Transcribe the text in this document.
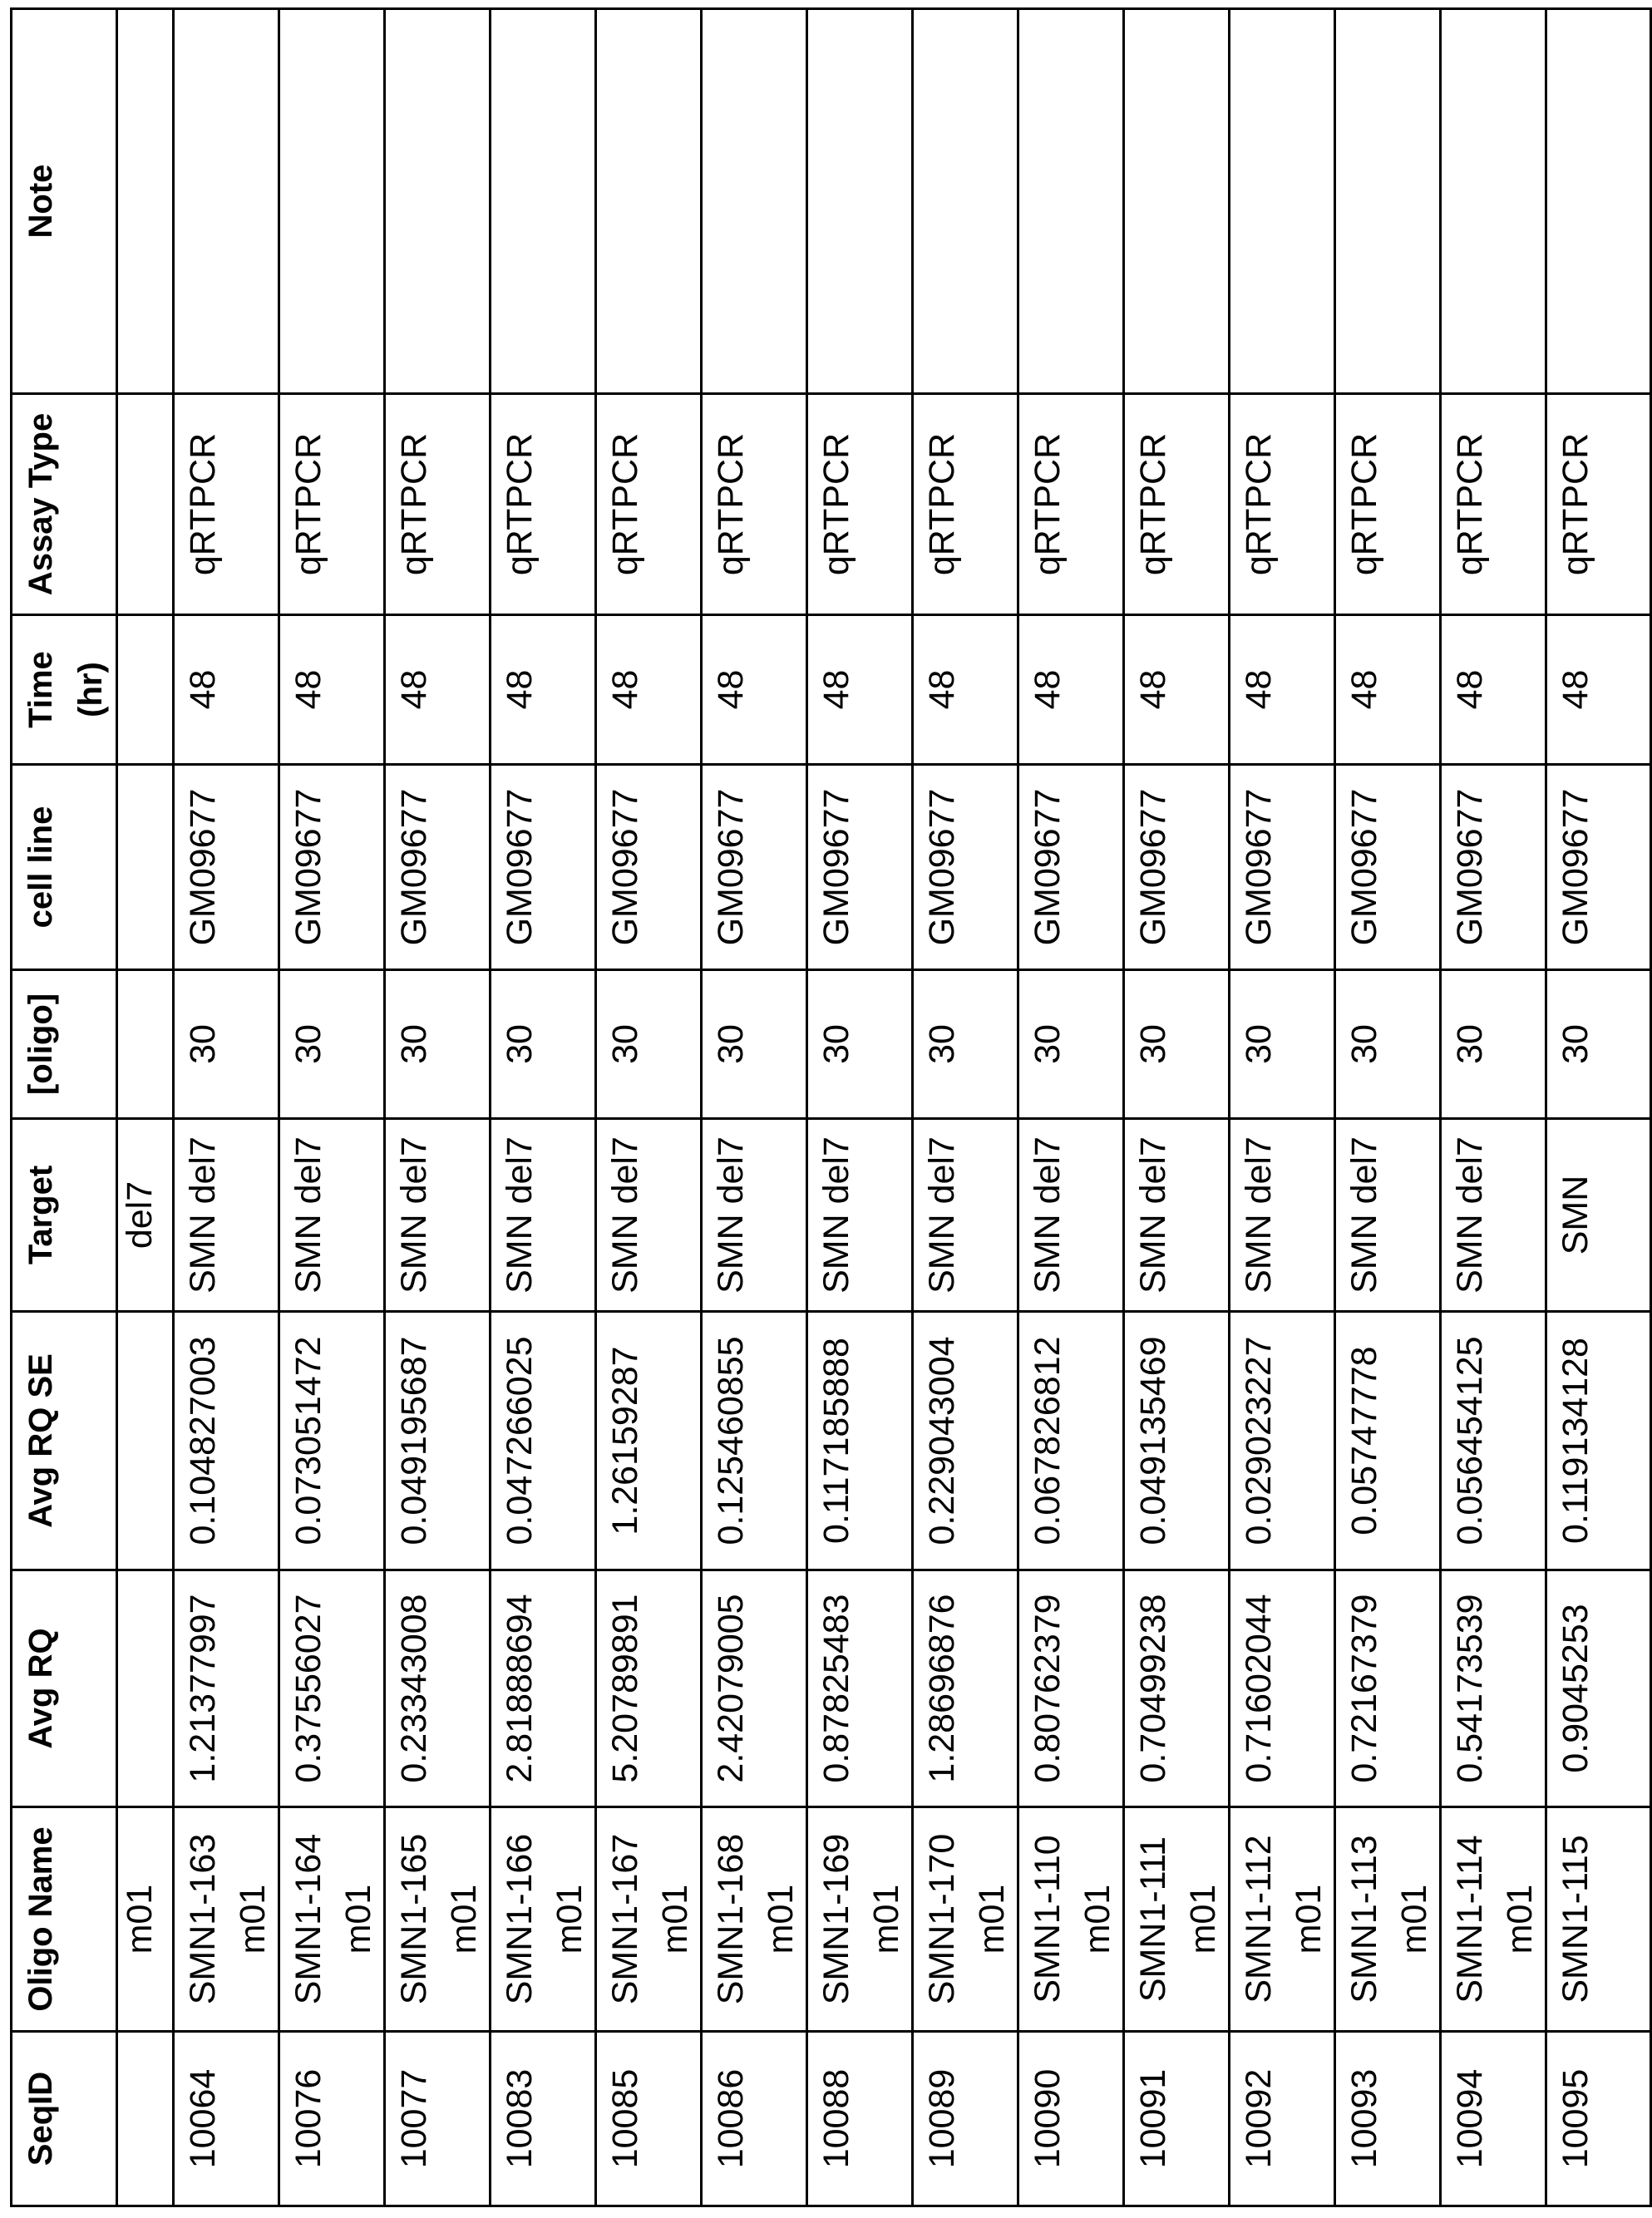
SeqID	Oligo Name	Avg RQ	Avg RQ SE	Target	[oligo]	cell line	Time (hr)	Assay Type	Note
	m01			del7					
10064	SMN1-163 m01	1.21377997	0.104827003	SMN del7	30	GM09677	48	qRTPCR	
10076	SMN1-164 m01	0.37556027	0.073051472	SMN del7	30	GM09677	48	qRTPCR	
10077	SMN1-165 m01	0.23343008	0.049195687	SMN del7	30	GM09677	48	qRTPCR	
10083	SMN1-166 m01	2.81888694	0.047266025	SMN del7	30	GM09677	48	qRTPCR	
10085	SMN1-167 m01	5.20789891	1.26159287	SMN del7	30	GM09677	48	qRTPCR	
10086	SMN1-168 m01	2.42079005	0.125460855	SMN del7	30	GM09677	48	qRTPCR	
10088	SMN1-169 m01	0.87825483	0.117185888	SMN del7	30	GM09677	48	qRTPCR	
10089	SMN1-170 m01	1.28696876	0.229043004	SMN del7	30	GM09677	48	qRTPCR	
10090	SMN1-110 m01	0.80762379	0.067826812	SMN del7	30	GM09677	48	qRTPCR	
10091	SMN1-111 m01	0.70499238	0.049135469	SMN del7	30	GM09677	48	qRTPCR	
10092	SMN1-112 m01	0.71602044	0.029023227	SMN del7	30	GM09677	48	qRTPCR	
10093	SMN1-113 m01	0.72167379	0.05747778	SMN del7	30	GM09677	48	qRTPCR	
10094	SMN1-114 m01	0.54173539	0.056454125	SMN del7	30	GM09677	48	qRTPCR	
10095	SMN1-115	0.9045253	0.119134128	SMN	30	GM09677	48	qRTPCR	
